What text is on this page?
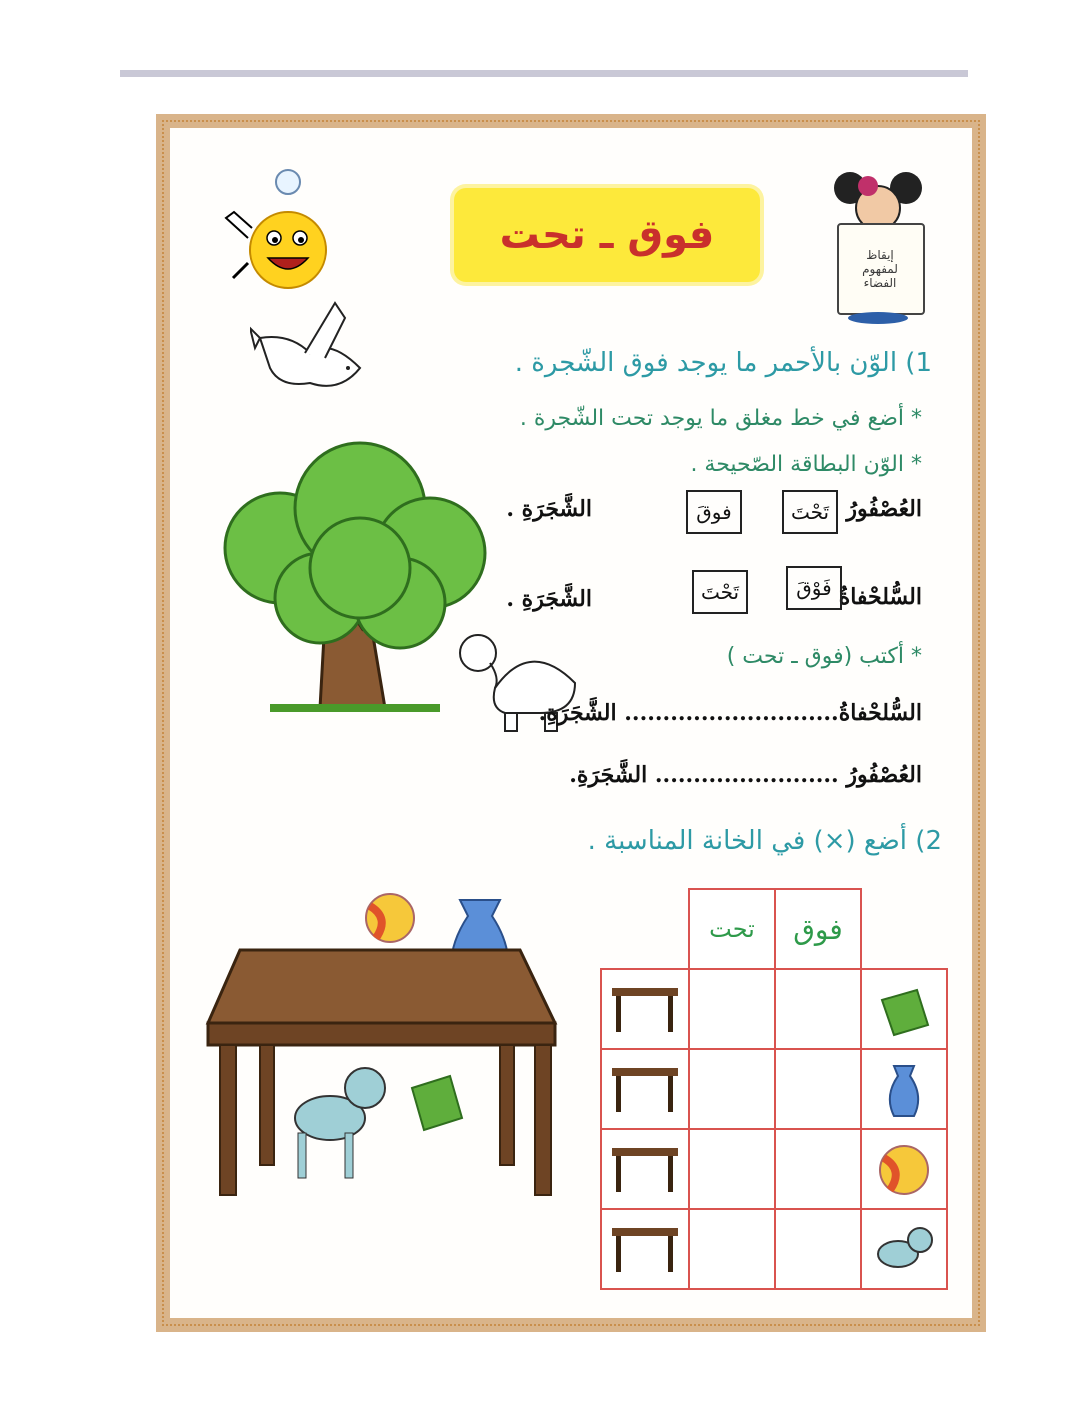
فوق ـ تحت	إيقاظ لمفهوم الفضاء
1) الوّن بالأحمر ما يوجد فوق الشّجرة .
* أضع في خط مغلق ما يوجد تحت الشّجرة .
* الوّن البطاقة الصّحيحة .
العُصْفُورُ
تَحْتَ
فوقَ
الشَّجَرَةِ .
السُّلحْفاةُ
فَوْقَ
تَحْتَ
الشَّجَرَةِ .
* أكتب (فوق ـ تحت )
السُّلحْفاةُ............................ الشَّجَرَةِ.
العُصْفُورُ ........................ الشَّجَرَةِ.
2) أضع (×) في الخانة المناسبة .
فوق
تحت
